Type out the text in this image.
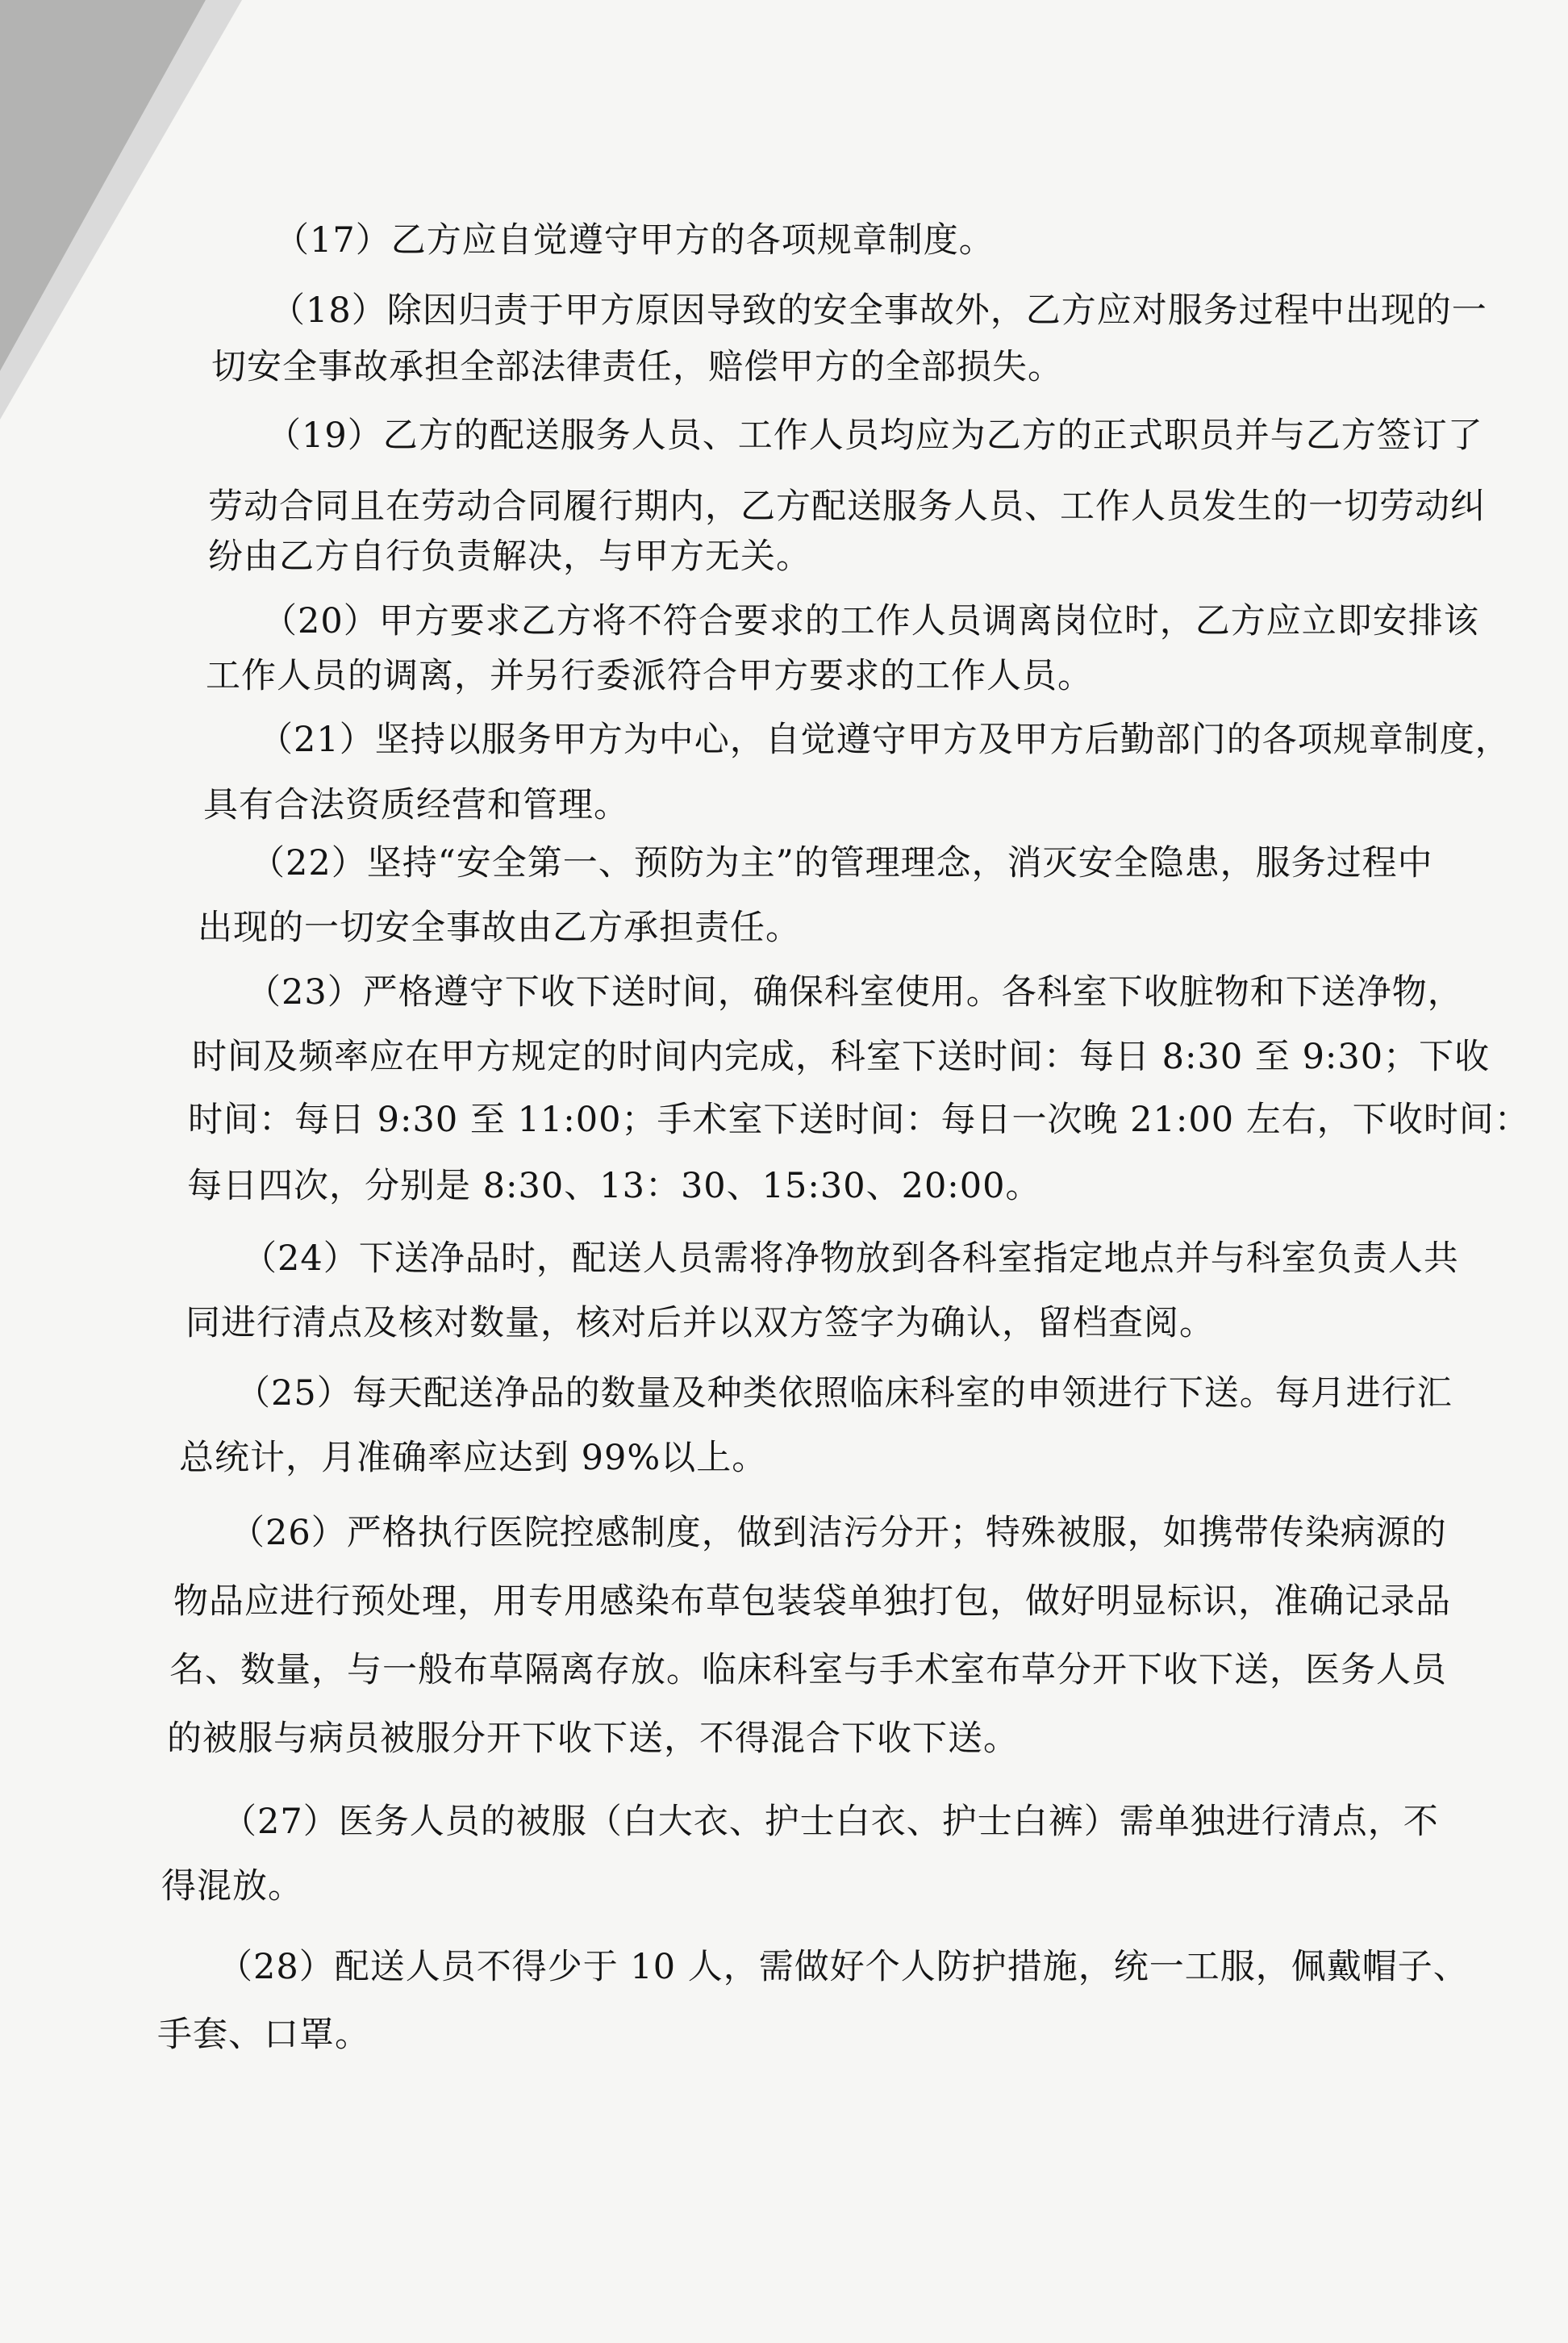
（17）乙方应自觉遵守甲方的各项规章制度。
（18）除因归责于甲方原因导致的安全事故外，乙方应对服务过程中出现的一
切安全事故承担全部法律责任，赔偿甲方的全部损失。
（19）乙方的配送服务人员、工作人员均应为乙方的正式职员并与乙方签订了
劳动合同且在劳动合同履行期内，乙方配送服务人员、工作人员发生的一切劳动纠
纷由乙方自行负责解决，与甲方无关。
（20）甲方要求乙方将不符合要求的工作人员调离岗位时，乙方应立即安排该
工作人员的调离，并另行委派符合甲方要求的工作人员。
（21）坚持以服务甲方为中心，自觉遵守甲方及甲方后勤部门的各项规章制度，
具有合法资质经营和管理。
（22）坚持“安全第一、预防为主”的管理理念，消灭安全隐患，服务过程中
出现的一切安全事故由乙方承担责任。
（23）严格遵守下收下送时间，确保科室使用。各科室下收脏物和下送净物，
时间及频率应在甲方规定的时间内完成，科室下送时间：每日 8:30 至 9:30；下收
时间：每日 9:30 至 11:00；手术室下送时间：每日一次晚 21:00 左右，下收时间：
每日四次，分别是 8:30、13：30、15:30、20:00。
（24）下送净品时，配送人员需将净物放到各科室指定地点并与科室负责人共
同进行清点及核对数量，核对后并以双方签字为确认，留档查阅。
（25）每天配送净品的数量及种类依照临床科室的申领进行下送。每月进行汇
总统计，月准确率应达到 99%以上。
（26）严格执行医院控感制度，做到洁污分开；特殊被服，如携带传染病源的
物品应进行预处理，用专用感染布草包装袋单独打包，做好明显标识，准确记录品
名、数量，与一般布草隔离存放。临床科室与手术室布草分开下收下送，医务人员
的被服与病员被服分开下收下送，不得混合下收下送。
（27）医务人员的被服（白大衣、护士白衣、护士白裤）需单独进行清点，不
得混放。
（28）配送人员不得少于 10 人，需做好个人防护措施，统一工服，佩戴帽子、
手套、口罩。
